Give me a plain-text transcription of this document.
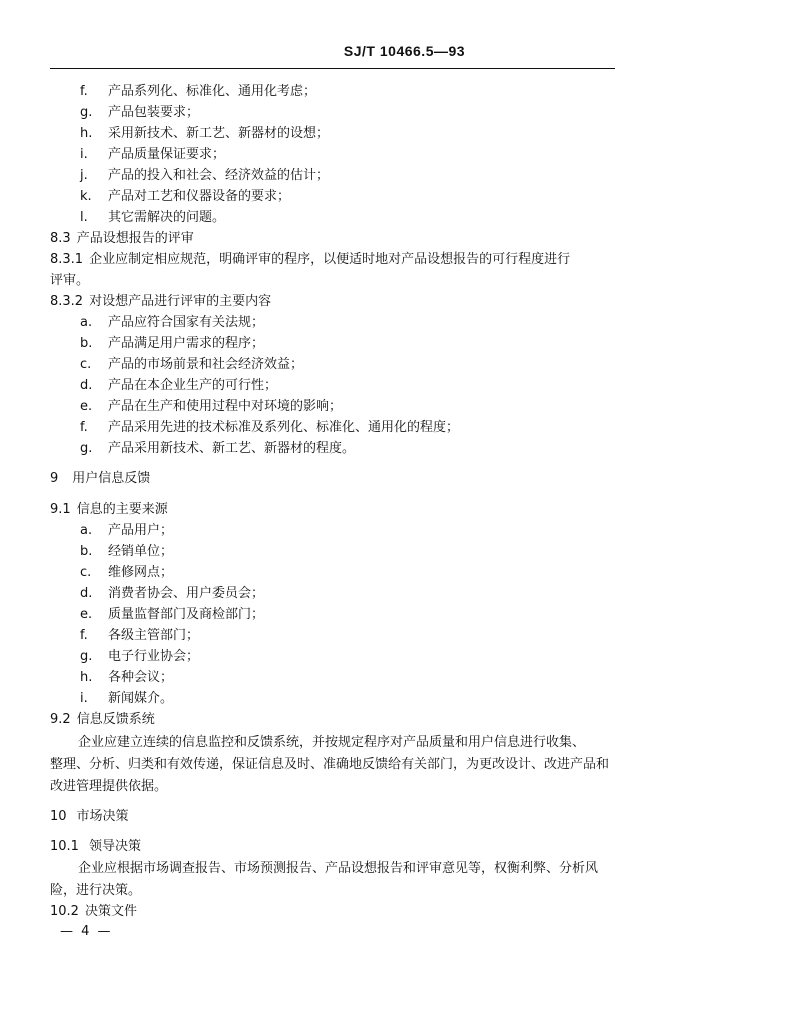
SJ/T 10466.5—93
f. 产品系列化、标准化、通用化考虑；
g. 产品包装要求；
h. 采用新技术、新工艺、新器材的设想；
i. 产品质量保证要求；
j. 产品的投入和社会、经济效益的估计；
k. 产品对工艺和仪器设备的要求；
l. 其它需解决的问题。
8.3 产品设想报告的评审
8.3.1 企业应制定相应规范，明确评审的程序，以便适时地对产品设想报告的可行程度进行
评审。
8.3.2 对设想产品进行评审的主要内容
a. 产品应符合国家有关法规；
b. 产品满足用户需求的程序；
c. 产品的市场前景和社会经济效益；
d. 产品在本企业生产的可行性；
e. 产品在生产和使用过程中对环境的影响；
f. 产品采用先进的技术标准及系列化、标准化、通用化的程度；
g. 产品采用新技术、新工艺、新器材的程度。
9 用户信息反馈
9.1 信息的主要来源
a. 产品用户；
b. 经销单位；
c. 维修网点；
d. 消费者协会、用户委员会；
e. 质量监督部门及商检部门；
f. 各级主管部门；
g. 电子行业协会；
h. 各种会议；
i. 新闻媒介。
9.2 信息反馈系统
企业应建立连续的信息监控和反馈系统，并按规定程序对产品质量和用户信息进行收集、
整理、分析、归类和有效传递，保证信息及时、准确地反馈给有关部门，为更改设计、改进产品和
改进管理提供依据。
10 市场决策
10.1 领导决策
企业应根据市场调查报告、市场预测报告、产品设想报告和评审意见等，权衡利弊、分析风
险，进行决策。
10.2 决策文件
— 4 —
